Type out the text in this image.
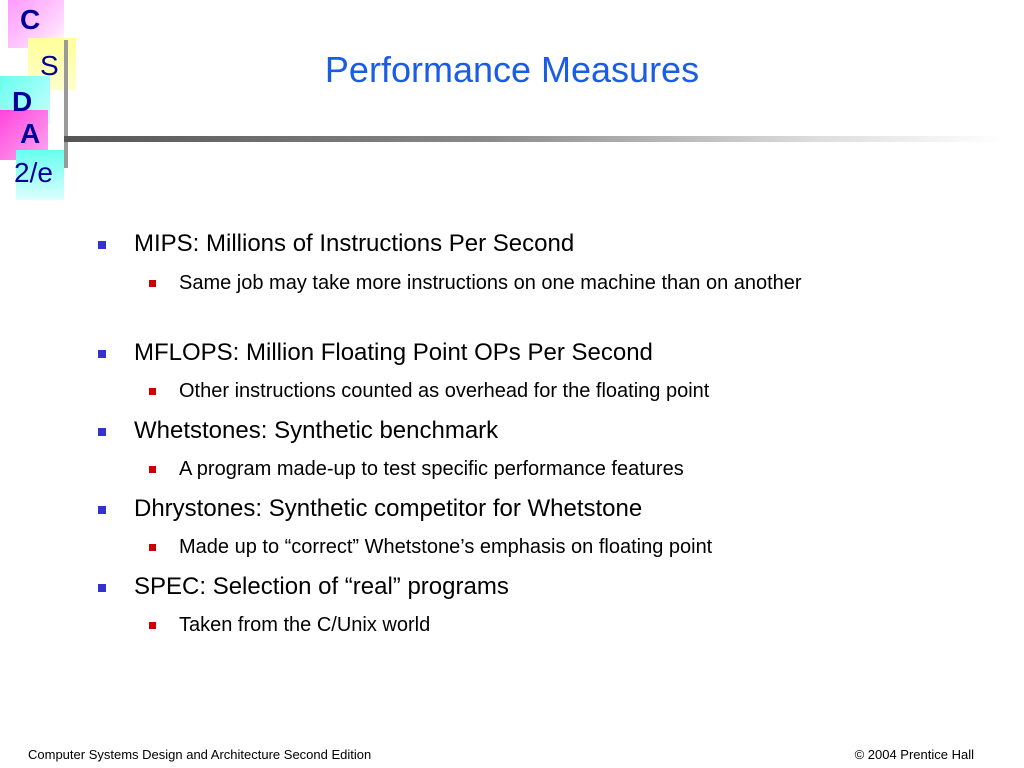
C
S
D
A
2/e
Performance Measures
MIPS: Millions of Instructions Per Second
Same job may take more instructions on one machine than on another
MFLOPS: Million Floating Point OPs Per Second
Other instructions counted as overhead for the floating point
Whetstones: Synthetic benchmark
A program made-up to test specific performance features
Dhrystones: Synthetic competitor for Whetstone
Made up to “correct” Whetstone’s emphasis on floating point
SPEC: Selection of “real” programs
Taken from the C/Unix world
Computer Systems Design and Architecture Second Edition	© 2004 Prentice Hall
